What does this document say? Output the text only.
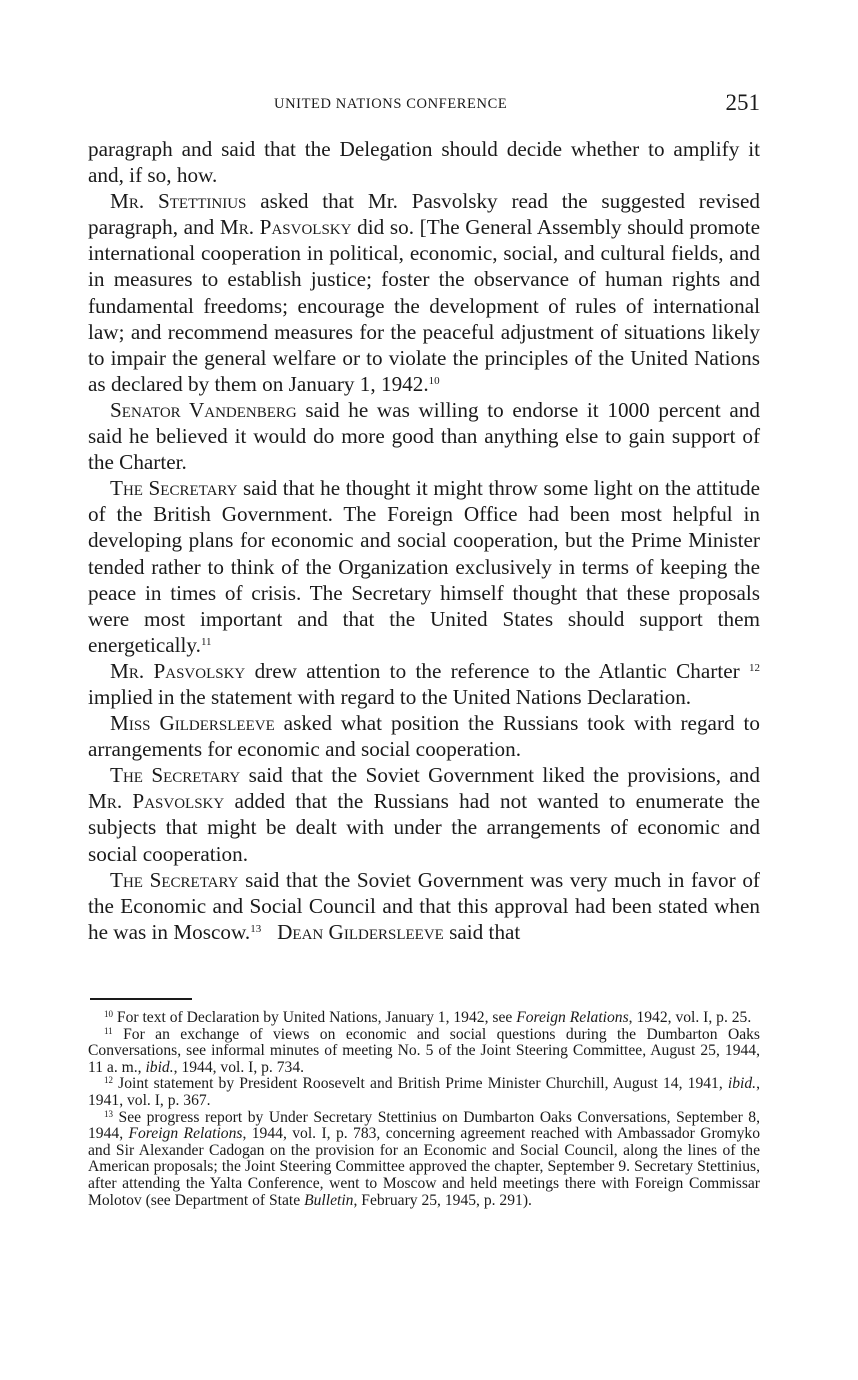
UNITED NATIONS CONFERENCE	251

paragraph and said that the Delegation should decide whether to amplify it and, if so, how.

Mr. Stettinius asked that Mr. Pasvolsky read the suggested revised paragraph, and Mr. Pasvolsky did so. [The General Assembly should promote international cooperation in political, economic, social, and cultural fields, and in measures to establish justice; foster the observance of human rights and fundamental freedoms; encourage the development of rules of international law; and recommend measures for the peaceful adjustment of situations likely to impair the general welfare or to violate the principles of the United Nations as declared by them on January 1, 1942.10

Senator Vandenberg said he was willing to endorse it 1000 percent and said he believed it would do more good than anything else to gain support of the Charter.

The Secretary said that he thought it might throw some light on the attitude of the British Government. The Foreign Office had been most helpful in developing plans for economic and social cooperation, but the Prime Minister tended rather to think of the Organization exclusively in terms of keeping the peace in times of crisis. The Secretary himself thought that these proposals were most important and that the United States should support them energetically.$^{11}$

Mr. Pasvolsky drew attention to the reference to the Atlantic Charter $^{12}$ implied in the statement with regard to the United Nations Declaration.

Miss Gildersleeve asked what position the Russians took with regard to arrangements for economic and social cooperation.

The Secretary said that the Soviet Government liked the provisions, and Mr. Pasvolsky added that the Russians had not wanted to enumerate the subjects that might be dealt with under the arrangements of economic and social cooperation.

The Secretary said that the Soviet Government was very much in favor of the Economic and Social Council and that this approval had been stated when he was in Moscow.$^{13}$ Dean Gildersleeve said that

$^{10}$ For text of Declaration by United Nations, January 1, 1942, see Foreign Relations, 1942, vol. I, p. 25.

$^{11}$ For an exchange of views on economic and social questions during the Dumbarton Oaks Conversations, see informal minutes of meeting No. 5 of the Joint Steering Committee, August 25, 1944, 11 a. m., ibid., 1944, vol. I, p. 734.

$^{12}$ Joint statement by President Roosevelt and British Prime Minister Churchill, August 14, 1941, ibid., 1941, vol. I, p. 367.

$^{13}$ See progress report by Under Secretary Stettinius on Dumbarton Oaks Conversations, September 8, 1944, Foreign Relations, 1944, vol. I, p. 783, concerning agreement reached with Ambassador Gromyko and Sir Alexander Cadogan on the provision for an Economic and Social Council, along the lines of the American proposals; the Joint Steering Committee approved the chapter, September 9. Secretary Stettinius, after attending the Yalta Conference, went to Moscow and held meetings there with Foreign Commissar Molotov (see Department of State Bulletin, February 25, 1945, p. 291).
